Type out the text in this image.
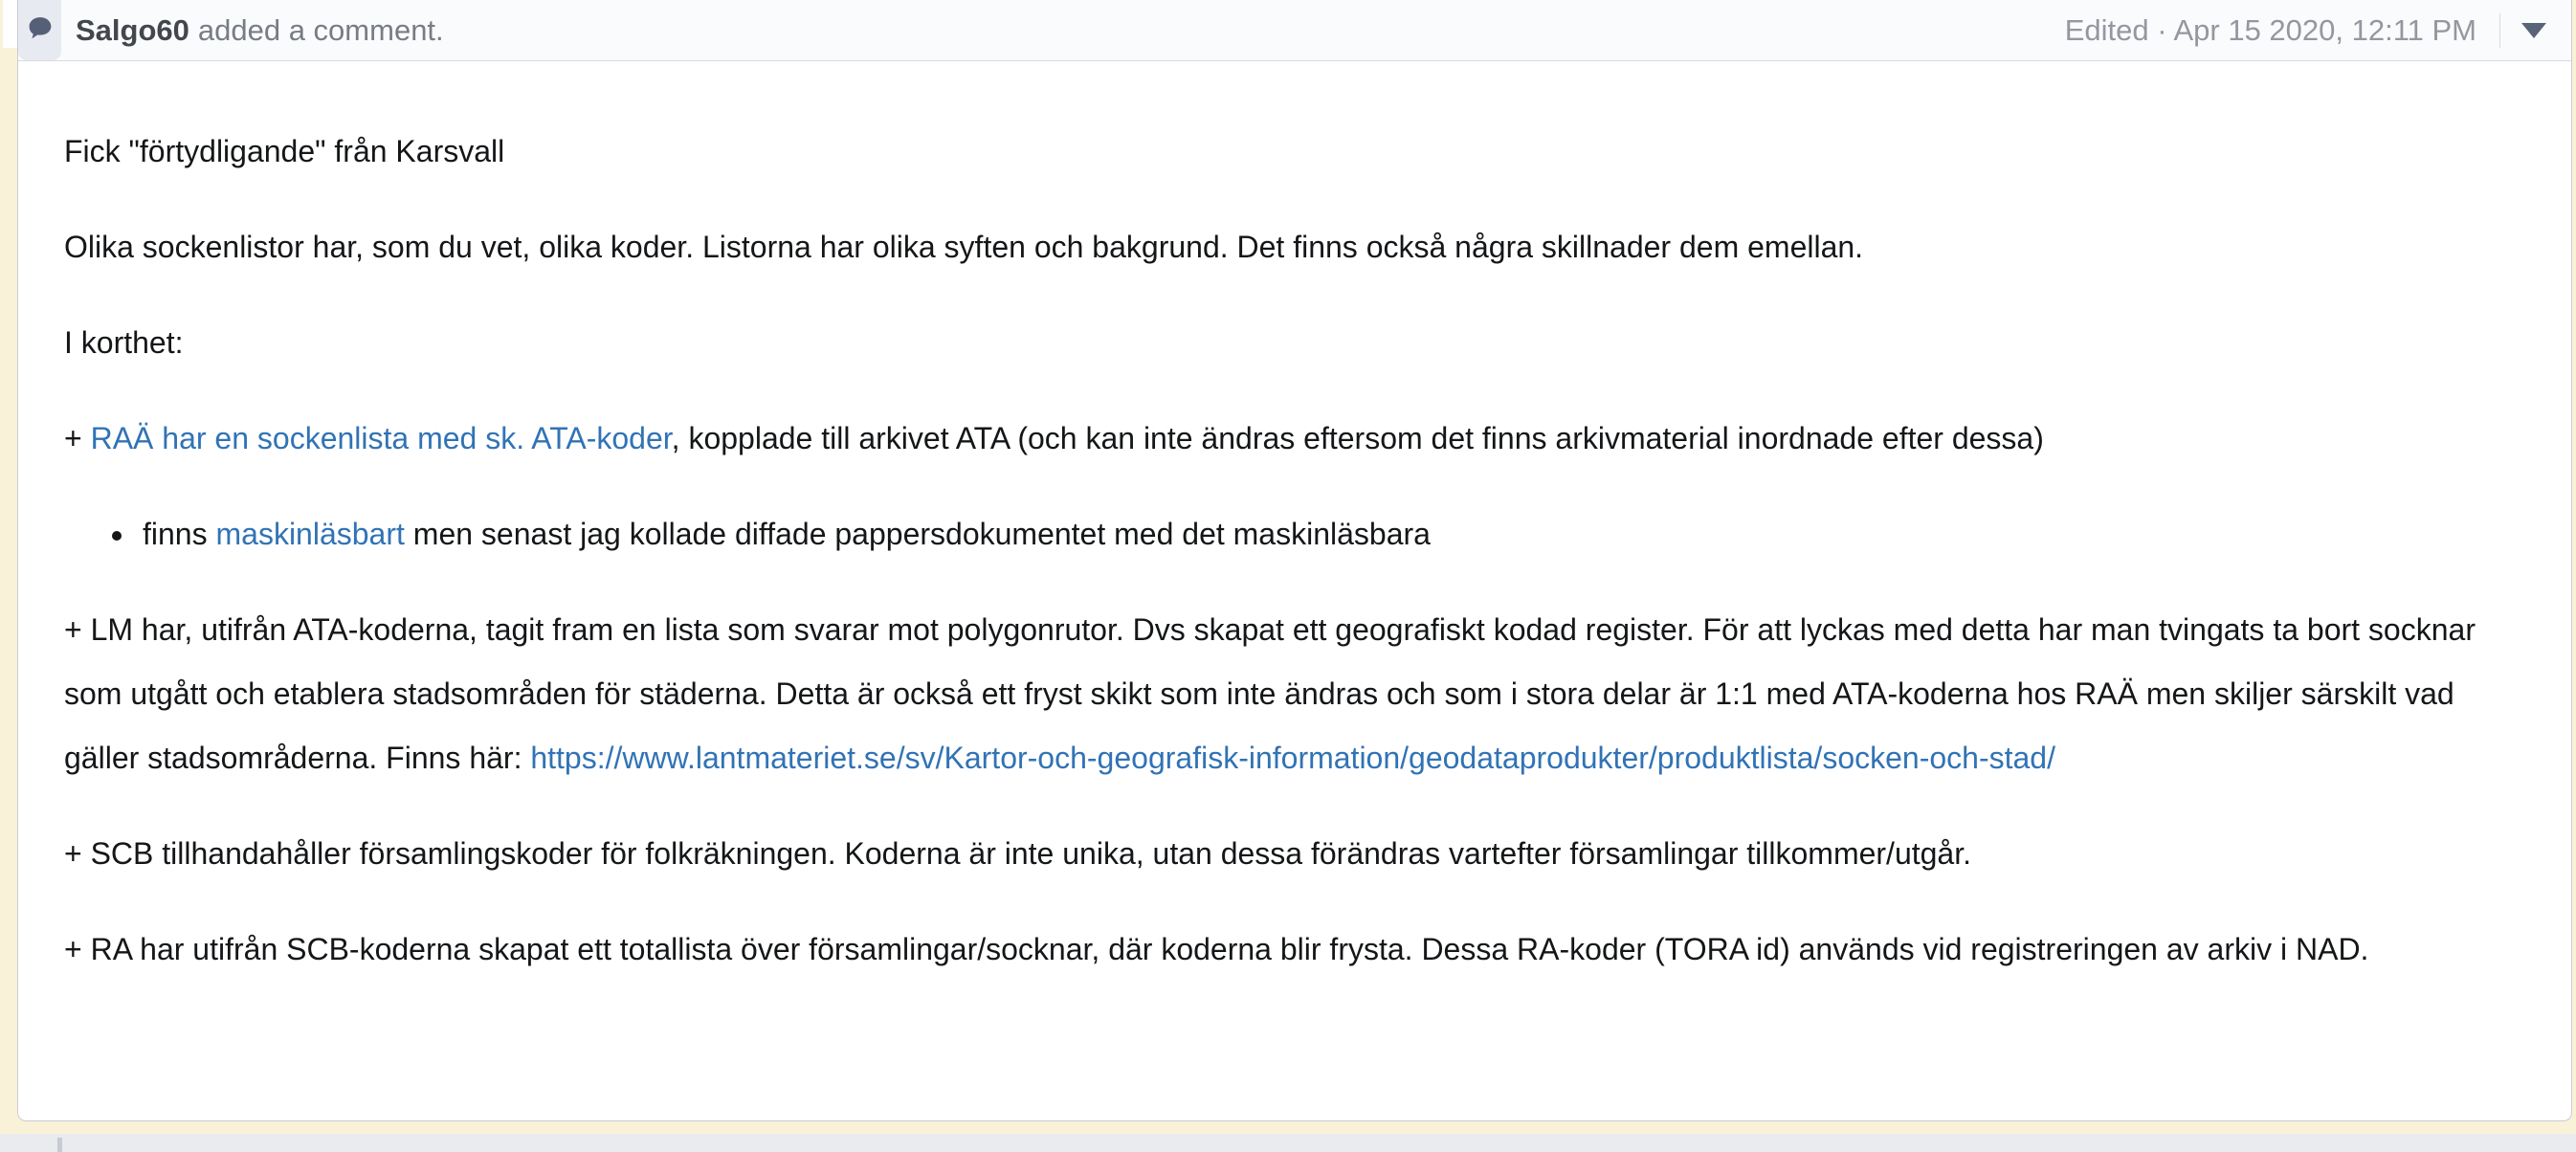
Salgo60 added a comment.	Edited · Apr 15 2020, 12:11 PM

Fick "förtydligande" från Karsvall

Olika sockenlistor har, som du vet, olika koder. Listorna har olika syften och bakgrund. Det finns också några skillnader dem emellan.

I korthet:

+ RAÄ har en sockenlista med sk. ATA-koder, kopplade till arkivet ATA (och kan inte ändras eftersom det finns arkivmaterial inordnade efter dessa)

• finns maskinläsbart men senast jag kollade diffade pappersdokumentet med det maskinläsbara

+ LM har, utifrån ATA-koderna, tagit fram en lista som svarar mot polygonrutor. Dvs skapat ett geografiskt kodad register. För att lyckas med detta har man tvingats ta bort socknar som utgått och etablera stadsområden för städerna. Detta är också ett fryst skikt som inte ändras och som i stora delar är 1:1 med ATA-koderna hos RAÄ men skiljer särskilt vad gäller stadsområderna. Finns här: https://www.lantmateriet.se/sv/Kartor-och-geografisk-information/geodataprodukter/produktlista/socken-och-stad/

+ SCB tillhandahåller församlingskoder för folkräkningen. Koderna är inte unika, utan dessa förändras vartefter församlingar tillkommer/utgår.

+ RA har utifrån SCB-koderna skapat ett totallista över församlingar/socknar, där koderna blir frysta. Dessa RA-koder (TORA id) används vid registreringen av arkiv i NAD.
